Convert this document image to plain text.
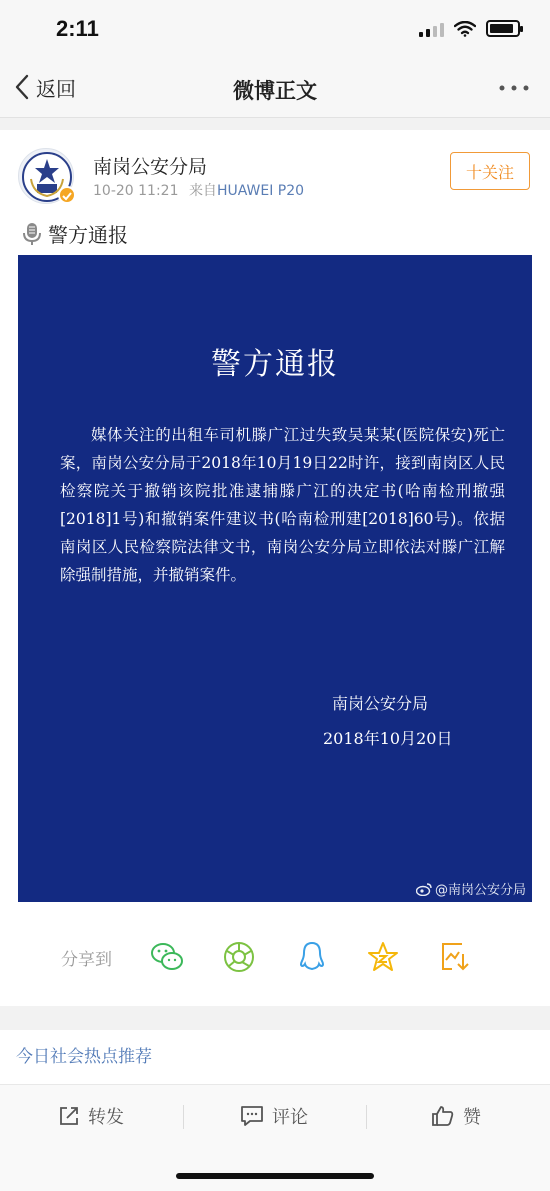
2:11
返回	微博正文
南岗公安分局
10-20 11:21 来自HUAWEI P20
十关注
警方通报
警方通报
媒体关注的出租车司机滕广江过失致吴某某(医院保安)死亡案，南岗公安分局于2018年10月19日22时许，接到南岗区人民检察院关于撤销该院批准逮捕滕广江的决定书(哈南检刑撤强[2018]1号)和撤销案件建议书(哈南检刑建[2018]60号)。依据南岗区人民检察院法律文书，南岗公安分局立即依法对滕广江解除强制措施，并撤销案件。
南岗公安分局
2018年10月20日
@南岗公安分局
分享到
今日社会热点推荐
转发	评论	赞
